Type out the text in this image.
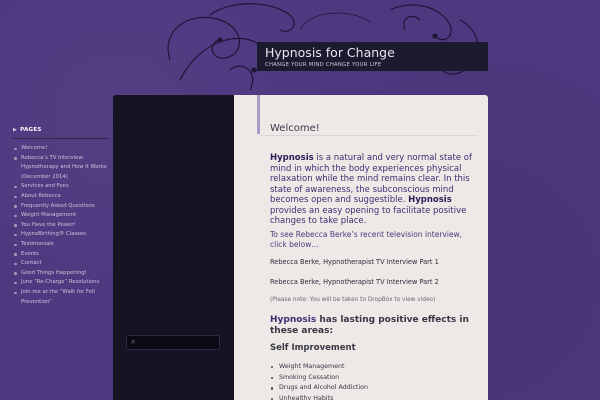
Hypnosis for Change
CHANGE YOUR MIND CHANGE YOUR LIFE
▶ PAGES
Welcome!
Rebecca’s TV Interview: Hypnotherapy and How it Works (December 2014)
Services and Fees
About Rebecca
Frequently Asked Questions
Weight Management
You Have the Power!
HypnoBirthing® Classes
Testimonials
Events
Contact
Good Things Happening!
June “Re-Charge” Resolutions
Join me at the “Walk for Fell Prevention”
⌕
Welcome!

Hypnosis is a natural and very normal state of mind in which the body experiences physical relaxation while the mind remains clear. In this state of awareness, the subconscious mind becomes open and suggestible. Hypnosis provides an easy opening to facilitate positive changes to take place.

To see Rebecca Berke’s recent television interview, click below…

Rebecca Berke, Hypnotherapist TV Interview Part 1
Rebecca Berke, Hypnotherapist TV Interview Part 2
(Please note: You will be taken to DropBox to view video)
Hypnosis has lasting positive effects in these areas:
Self Improvement
Weight Management
Smoking Cessation
Drugs and Alcohol Addiction
Unhealthy Habits
